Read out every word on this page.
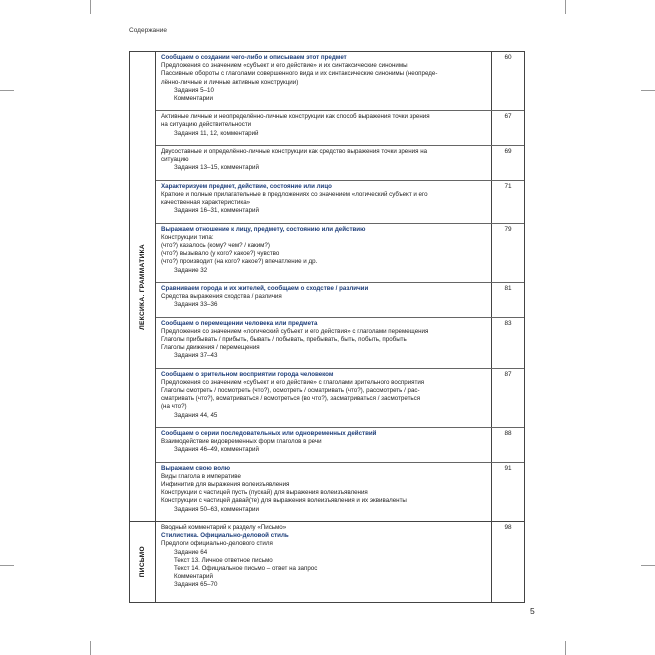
Содержание
ЛЕКСИКА. ГРАММАТИКА
Сообщаем о создании чего-либо и описываем этот предмет
Предложения со значением «субъект и его действие» и их синтаксические синонимы
Пассивные обороты с глаголами совершенного вида и их синтаксические синонимы (неопреде-
лённо-личные и личные активные конструкции)
Задания 5–10
Комментарии
60
Активные личные и неопределённо-личные конструкции как способ выражения точки зрения
на ситуацию действительности
Задания 11, 12, комментарий
67
Двусоставные и определённо-личные конструкции как средство выражения точки зрения на
ситуацию
Задания 13–15, комментарий
69
Характеризуем предмет, действие, состояние или лицо
Краткие и полные прилагательные в предложениях со значением «логический субъект и его
качественная характеристика»
Задания 16–31, комментарий
71
Выражаем отношение к лицу, предмету, состоянию или действию
Конструкции типа:
(что?) казалось (кому? чем? / каким?)
(что?) вызывало (у кого? какое?) чувство
(что?) производит (на кого? какое?) впечатление и др.
Задание 32
79
Сравниваем города и их жителей, сообщаем о сходстве / различии
Средства выражения сходства / различия
Задания 33–36
81
Сообщаем о перемещении человека или предмета
Предложения со значением «логический субъект и его действия» с глаголами перемещения
Глаголы прибывать / прибыть, бывать / побывать, пребывать, быть, побыть, пробыть
Глаголы движения / перемещения
Задания 37–43
83
Сообщаем о зрительном восприятии города человеком
Предложения со значением «субъект и его действие» с глаголами зрительного восприятия
Глаголы смотреть / посмотреть (что?), осмотреть / осматривать (что?), рассмотреть / рас-
сматривать (что?), всматриваться / всмотреться (во что?), засматриваться / засмотреться
(на что?)
Задания 44, 45
87
Сообщаем о серии последовательных или одновременных действий
Взаимодействие видовременных форм глаголов в речи
Задания 46–49, комментарий
88
Выражаем свою волю
Виды глагола в императиве
Инфинитив для выражения волеизъявления
Конструкции с частицей пусть (пускай) для выражения волеизъявления
Конструкции с частицей давай(те) для выражения волеизъявления и их эквиваленты
Задания 50–63, комментарии
91
ПИСЬМО
Вводный комментарий к разделу «Письмо»
Стилистика. Официально-деловой стиль
Предлоги официально-делового стиля
Задание 64
Текст 13. Личное ответное письмо
Текст 14. Официальное письмо – ответ на запрос
Комментарий
Задания 65–70
98
5
